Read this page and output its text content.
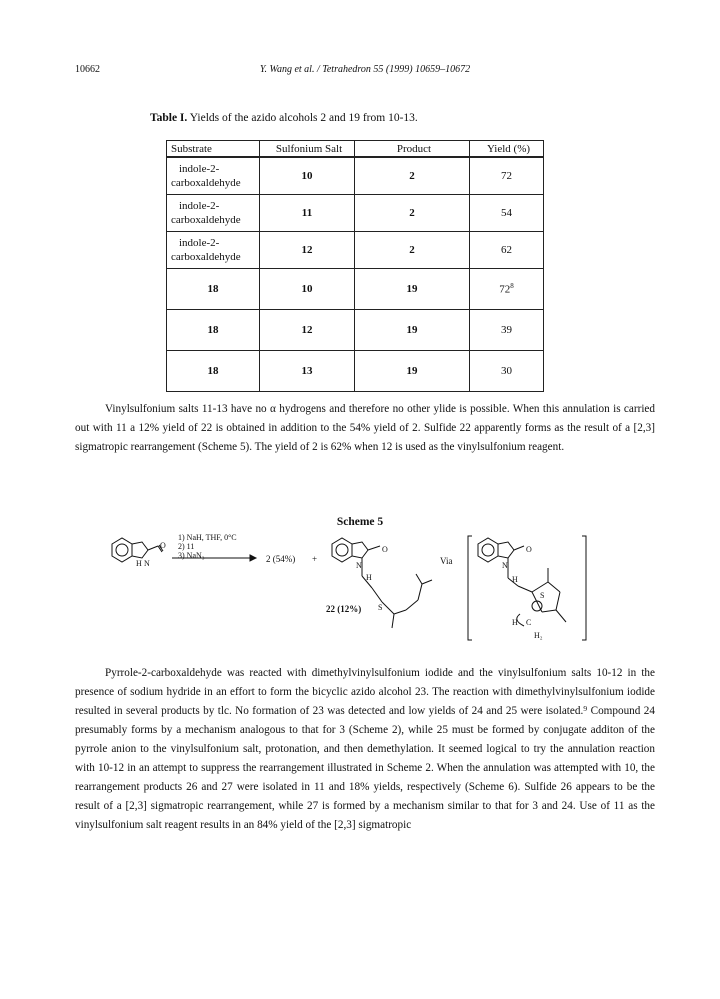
10662	Y. Wang et al. / Tetrahedron 55 (1999) 10659–10672
Table I. Yields of the azido alcohols 2 and 19 from 10-13.
Substrate	Sulfonium Salt	Product	Yield (%)

indole-2-
carboxaldehyde	10	2	72

indole-2-
carboxaldehyde	11	2	54

indole-2-
carboxaldehyde	12	2	62
18	10	19	$72^8$
18	12	19	39
18	13	19	30
Vinylsulfonium salts 11-13 have no α hydrogens and therefore no other ylide is possible. When this annulation is carried out with 11 a 12% yield of 22 is obtained in addition to the 54% yield of 2. Sulfide 22 apparently forms as the result of a [2,3] sigmatropic rearrangement (Scheme 5). The yield of 2 is 62% when 12 is used as the vinylsulfonium reagent.
Scheme 5
O
N
H
1) NaH, THF, 0°C
2) 11
3) NaN₃	2 (54%) +
O
N
H
22 (12%) S
Via
O
N
H
S
C
H
H₂
Pyrrole-2-carboxaldehyde was reacted with dimethylvinylsulfonium iodide and the vinylsulfonium salts 10-12 in the presence of sodium hydride in an effort to form the bicyclic azido alcohol 23. The reaction with dimethylvinylsulfonium iodide resulted in several products by tlc. No formation of 23 was detected and low yields of 24 and 25 were isolated.⁹ Compound 24 presumably forms by a mechanism analogous to that for 3 (Scheme 2), while 25 must be formed by conjugate additon of the pyrrole anion to the vinylsulfonium salt, protonation, and then demethylation. It seemed logical to try the annulation reaction with 10-12 in an attempt to suppress the rearrangement illustrated in Scheme 2. When the annulation was attempted with 10, the rearrangement products 26 and 27 were isolated in 11 and 18% yields, respectively (Scheme 6). Sulfide 26 appears to be the result of a [2,3] sigmatropic rearrangement, while 27 is formed by a mechanism similar to that for 3 and 24. Use of 11 as the vinylsulfonium salt reagent results in an 84% yield of the [2,3] sigmatropic
